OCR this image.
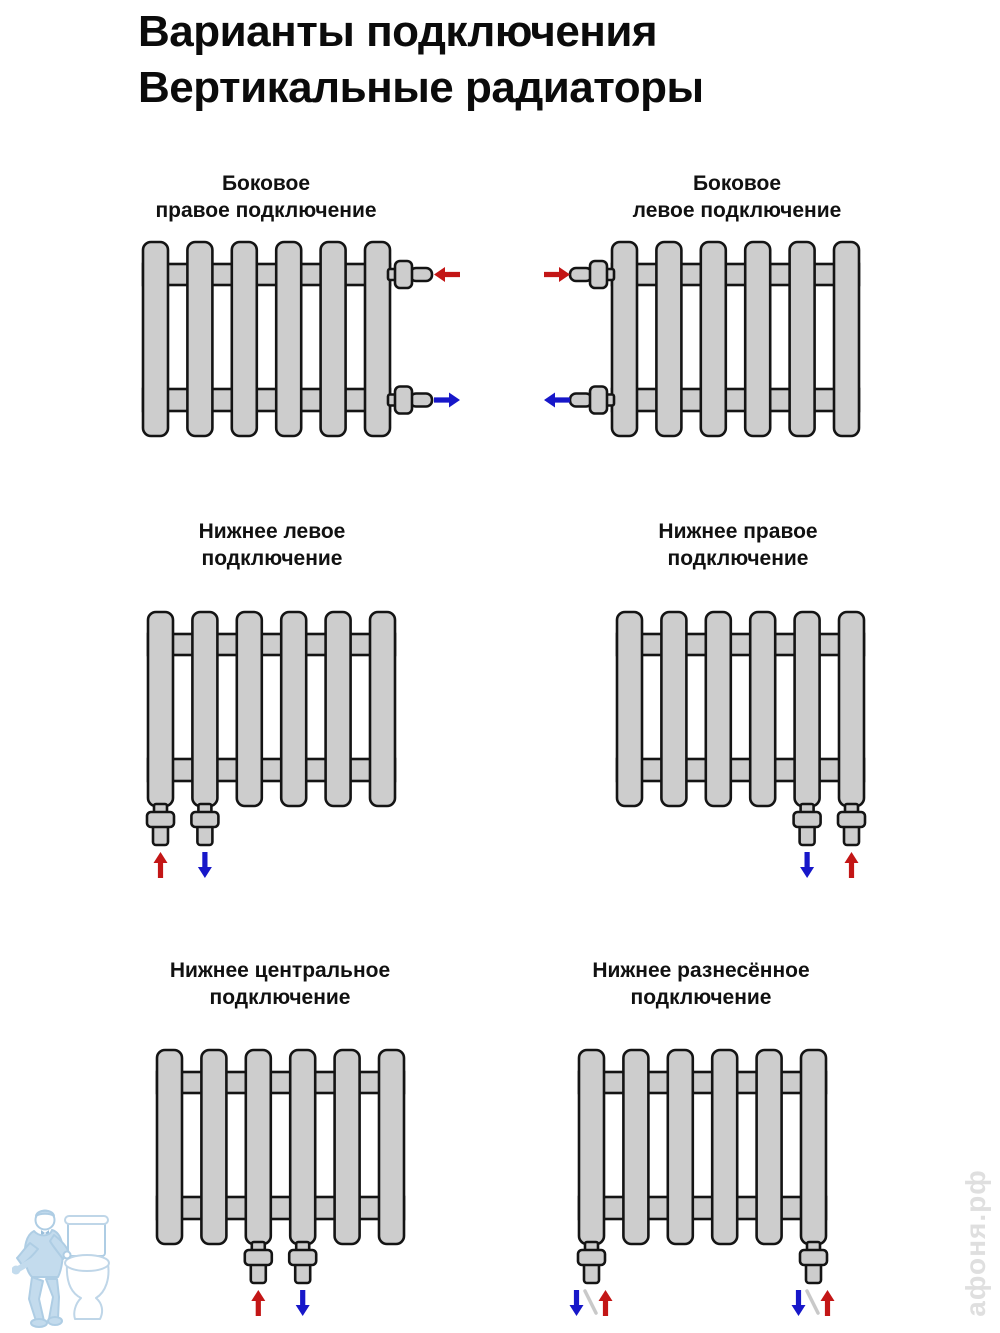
Варианты подключения
Вертикальные радиаторы
Боковое
правое подключение
Боковое
левое подключение
Нижнее левое
подключение
Нижнее правое
подключение
Нижнее центральное
подключение
Нижнее разнесённое
подключение
афоня.рф
